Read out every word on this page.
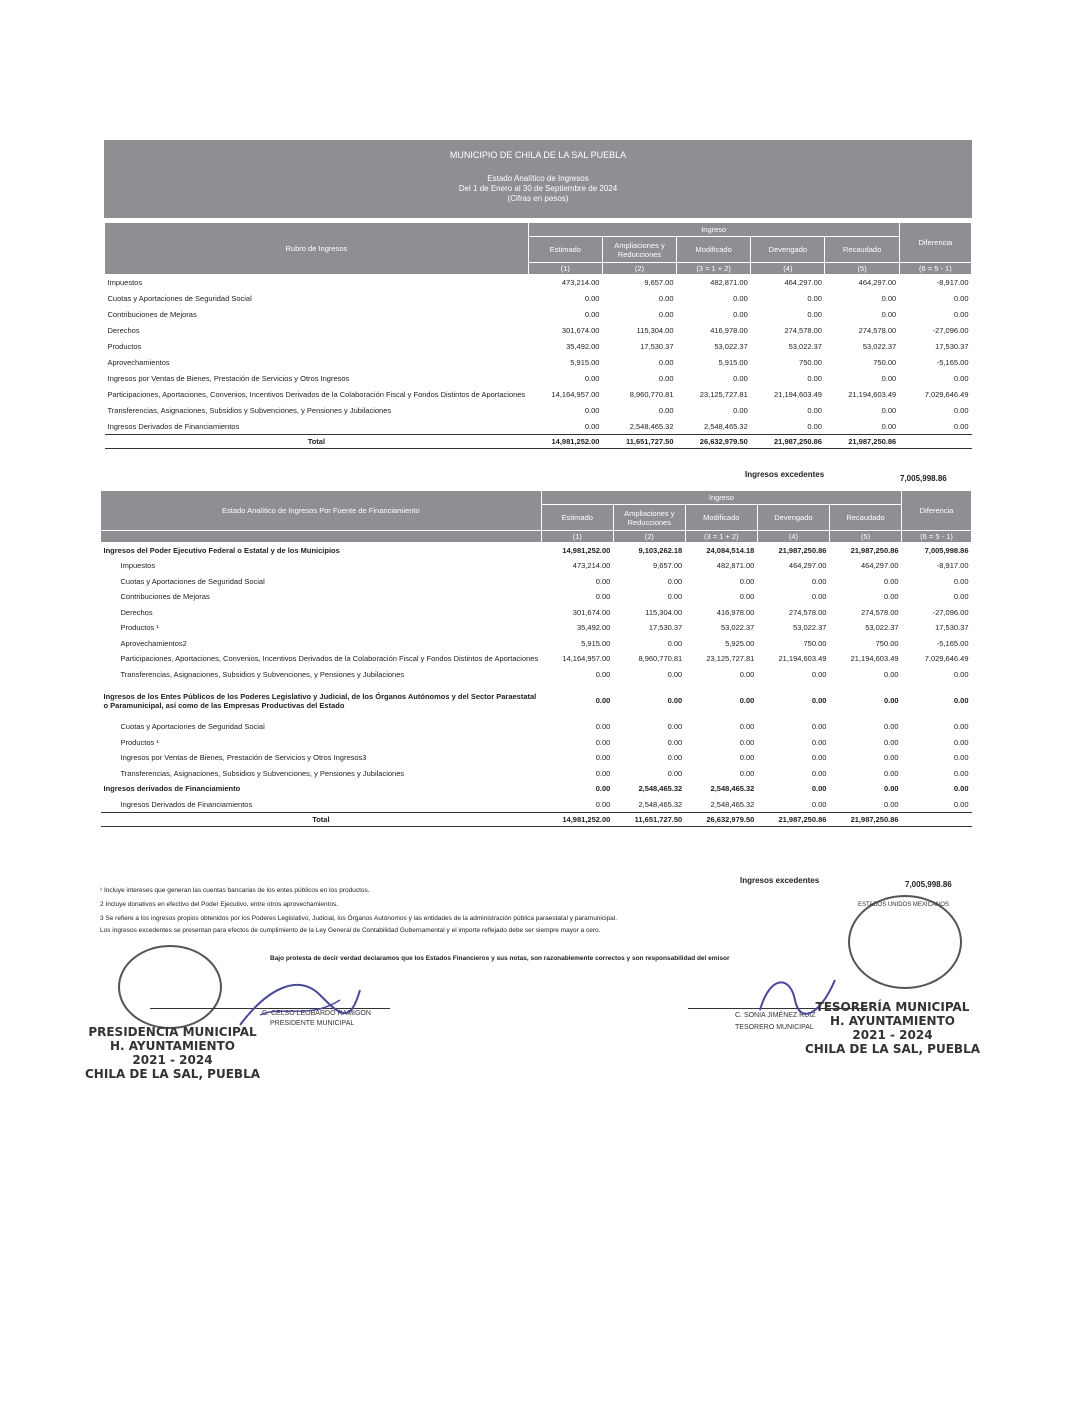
MUNICIPIO DE CHILA DE LA SAL PUEBLA
Estado Analítico de Ingresos
Del 1 de Enero al 30 de Septiembre de 2024
(Cifras en pesos)
Rubro de Ingresos	Ingreso					Diferencia
	Estimado	Ampliaciones y Reducciones	Modificado	Devengado	Recaudado	
	(1)	(2)	(3 = 1 + 2)	(4)	(5)	(6 = 5 - 1)
Impuestos	473,214.00	9,657.00	482,871.00	464,297.00	464,297.00	-8,917.00
Cuotas y Aportaciones de Seguridad Social	0.00	0.00	0.00	0.00	0.00	0.00
Contribuciones de Mejoras	0.00	0.00	0.00	0.00	0.00	0.00
Derechos	301,674.00	115,304.00	416,978.00	274,578.00	274,578.00	-27,096.00
Productos	35,492.00	17,530.37	53,022.37	53,022.37	53,022.37	17,530.37
Aprovechamientos	5,915.00	0.00	5,915.00	750.00	750.00	-5,165.00
Ingresos por Ventas de Bienes, Prestación de Servicios y Otros Ingresos	0.00	0.00	0.00	0.00	0.00	0.00
Participaciones, Aportaciones, Convenios, Incentivos Derivados de la Colaboración Fiscal y Fondos Distintos de Aportaciones	14,164,957.00	8,960,770.81	23,125,727.81	21,194,603.49	21,194,603.49	7,029,646.49
Transferencias, Asignaciones, Subsidios y Subvenciones, y Pensiones y Jubilaciones	0.00	0.00	0.00	0.00	0.00	0.00
Ingresos Derivados de Financiamientos	0.00	2,548,465.32	2,548,465.32	0.00	0.00	0.00
Total	14,981,252.00	11,651,727.50	26,632,979.50	21,987,250.86	21,987,250.86	
Ingresos excedentes	7,005,998.86
Estado Analítico de Ingresos Por Fuente de Financiamiento	Ingreso					Diferencia
	Estimado	Ampliaciones y Reducciones	Modificado	Devengado	Recaudado	
	(1)	(2)	(3 = 1 + 2)	(4)	(5)	(6 = 5 - 1)
Ingresos del Poder Ejecutivo Federal o Estatal y de los Municipios	14,981,252.00	9,103,262.18	24,084,514.18	21,987,250.86	21,987,250.86	7,005,998.86
Impuestos	473,214.00	9,657.00	482,871.00	464,297.00	464,297.00	-8,917.00
Cuotas y Aportaciones de Seguridad Social	0.00	0.00	0.00	0.00	0.00	0.00
Contribuciones de Mejoras	0.00	0.00	0.00	0.00	0.00	0.00
Derechos	301,674.00	115,304.00	416,978.00	274,578.00	274,578.00	-27,096.00
Productos ¹	35,492.00	17,530.37	53,022.37	53,022.37	53,022.37	17,530.37
Aprovechamientos2	5,915.00	0.00	5,925.00	750.00	750.00	-5,165.00
Participaciones, Aportaciones, Convenios, Incentivos Derivados de la Colaboración Fiscal y Fondos Distintos de Aportaciones	14,164,957.00	8,960,770.81	23,125,727.81	21,194,603.49	21,194,603.49	7,029,646.49
Transferencias, Asignaciones, Subsidios y Subvenciones, y Pensiones y Jubilaciones	0.00	0.00	0.00	0.00	0.00	0.00
Ingresos de los Entes Públicos de los Poderes Legislativo y Judicial, de los Órganos Autónomos y del Sector Paraestatal o Paramunicipal, así como de las Empresas Productivas del Estado	0.00	0.00	0.00	0.00	0.00	0.00
Cuotas y Aportaciones de Seguridad Social	0.00	0.00	0.00	0.00	0.00	0.00
Productos ¹	0.00	0.00	0.00	0.00	0.00	0.00
Ingresos por Ventas de Bienes, Prestación de Servicios y Otros Ingresos3	0.00	0.00	0.00	0.00	0.00	0.00
Transferencias, Asignaciones, Subsidios y Subvenciones, y Pensiones y Jubilaciones	0.00	0.00	0.00	0.00	0.00	0.00
Ingresos derivados de Financiamiento	0.00	2,548,465.32	2,548,465.32	0.00	0.00	0.00
Ingresos Derivados de Financiamientos	0.00	2,548,465.32	2,548,465.32	0.00	0.00	0.00
Total	14,981,252.00	11,651,727.50	26,632,979.50	21,987,250.86	21,987,250.86	
Ingresos excedentes	7,005,998.86
¹ Incluye intereses que generan las cuentas bancarias de los entes públicos en los productos.
2 Incluye donativos en efectivo del Poder Ejecutivo, entre otros aprovechamientos.
3 Se refiere a los ingresos propios obtenidos por los Poderes Legislativo, Judicial, los Órganos Autónomos y las entidades de la administración pública paraestatal y paramunicipal.
Los ingresos excedentes se presentan para efectos de cumplimiento de la Ley General de Contabilidad Gubernamental y el importe reflejado debe ser siempre mayor a cero.
Bajo protesta de decir verdad declaramos que los Estados Financieros y sus notas, son razonablemente correctos y son responsabilidad del emisor
ESTADOS UNIDOS MEXICANOS
C. CELSO LEOBARDO RAMIGÓN
PRESIDENTE MUNICIPAL
C. SONIA JIMÉNEZ RUIZ
TESORERO MUNICIPAL
PRESIDENCIA MUNICIPAL
H. AYUNTAMIENTO
2021 - 2024
CHILA DE LA SAL, PUEBLA
TESORERÍA MUNICIPAL
H. AYUNTAMIENTO
2021 - 2024
CHILA DE LA SAL, PUEBLA
